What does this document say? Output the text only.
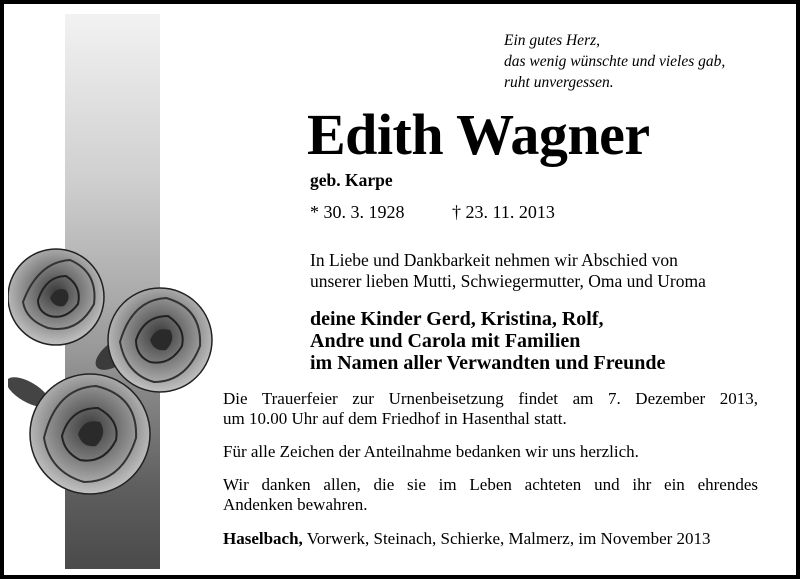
Ein gutes Herz,
das wenig wünschte und vieles gab,
ruht unvergessen.
Edith Wagner
geb. Karpe
* 30. 3. 1928	† 23. 11. 2013
In Liebe und Dankbarkeit nehmen wir Abschied von
unserer lieben Mutti, Schwiegermutter, Oma und Uroma
deine Kinder Gerd, Kristina, Rolf,
Andre und Carola mit Familien
im Namen aller Verwandten und Freunde

Die Trauerfeier zur Urnenbeisetzung findet am 7. Dezember 2013,
um 10.00 Uhr auf dem Friedhof in Hasenthal statt.

Für alle Zeichen der Anteilnahme bedanken wir uns herzlich.

Wir danken allen, die sie im Leben achteten und ihr ein ehrendes
Andenken bewahren.

Haselbach, Vorwerk, Steinach, Schierke, Malmerz, im November 2013
